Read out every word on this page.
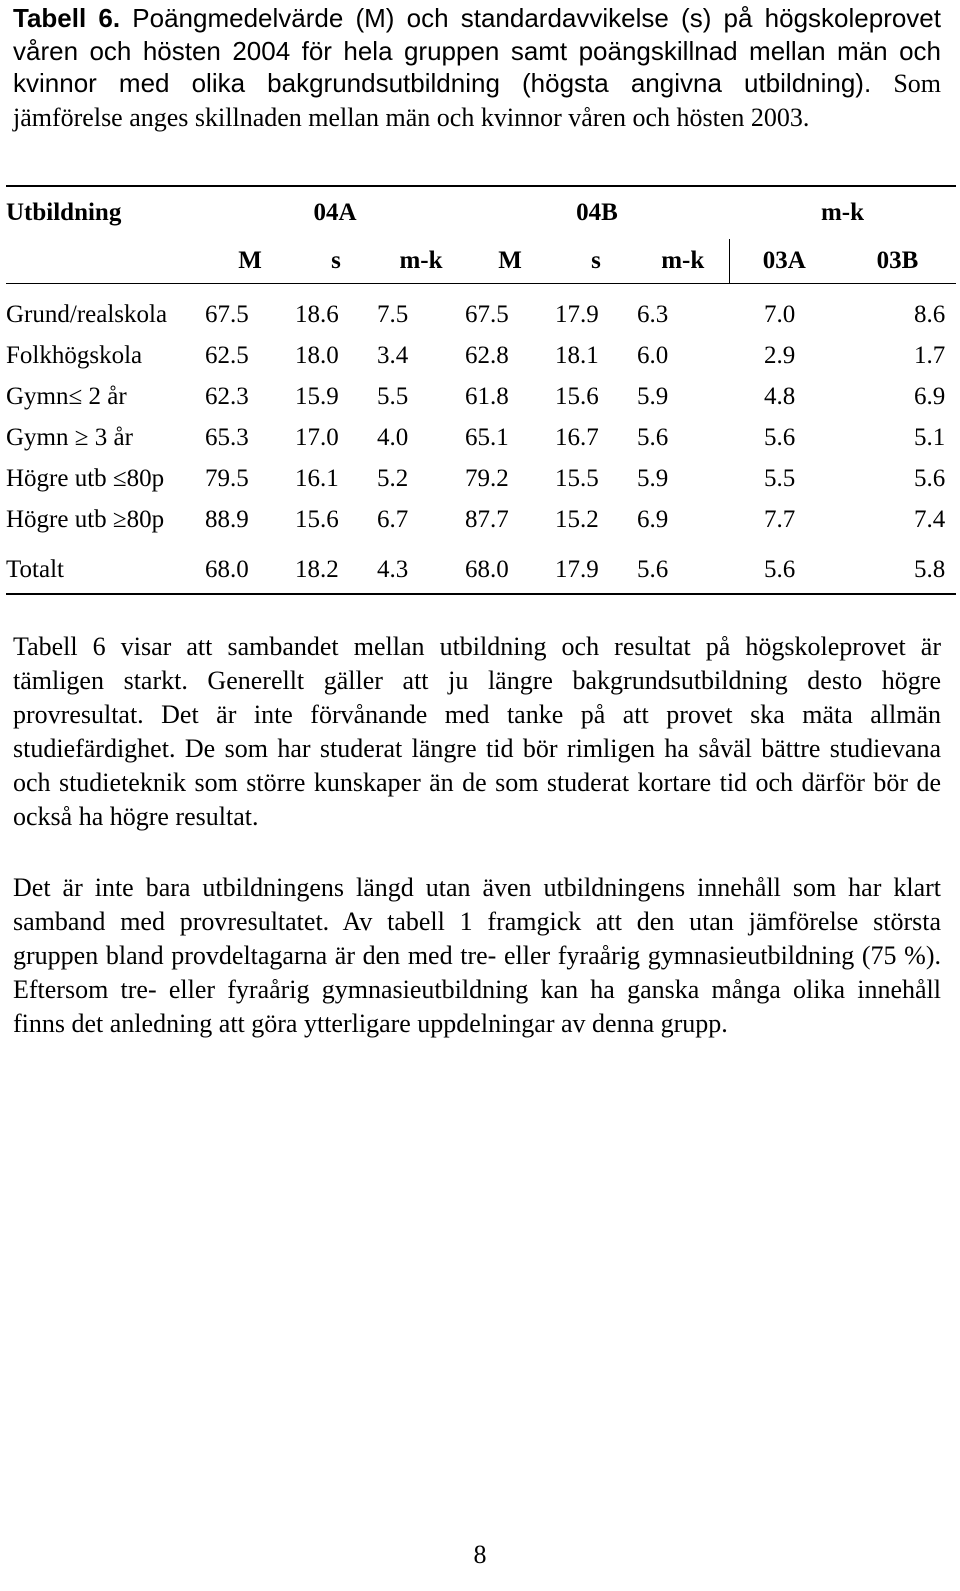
Tabell 6. Poängmedelvärde (M) och standardavvikelse (s) på högskoleprovet våren och hösten 2004 för hela gruppen samt poängskillnad mellan män och kvinnor med olika bakgrundsutbildning (högsta angivna utbildning). Som jämförelse anges skillnaden mellan män och kvinnor våren och hösten 2003.
Utbildning	04A			04B			m-k	
	M	s	m-k	M	s	m-k	03A	03B
Grund/realskola	67.5	18.6	7.5	67.5	17.9	6.3	7.0	8.6
Folkhögskola	62.5	18.0	3.4	62.8	18.1	6.0	2.9	1.7
Gymn≤ 2 år	62.3	15.9	5.5	61.8	15.6	5.9	4.8	6.9
Gymn ≥ 3 år	65.3	17.0	4.0	65.1	16.7	5.6	5.6	5.1
Högre utb ≤80p	79.5	16.1	5.2	79.2	15.5	5.9	5.5	5.6
Högre utb ≥80p	88.9	15.6	6.7	87.7	15.2	6.9	7.7	7.4
Totalt	68.0	18.2	4.3	68.0	17.9	5.6	5.6	5.8
Tabell 6 visar att sambandet mellan utbildning och resultat på högskoleprovet är tämligen starkt. Generellt gäller att ju längre bakgrundsutbildning desto högre provresultat. Det är inte förvånande med tanke på att provet ska mäta allmän studiefärdighet. De som har studerat längre tid bör rimligen ha såväl bättre studievana och studieteknik som större kunskaper än de som studerat kortare tid och därför bör de också ha högre resultat.
Det är inte bara utbildningens längd utan även utbildningens innehåll som har klart samband med provresultatet. Av tabell 1 framgick att den utan jämförelse största gruppen bland provdeltagarna är den med tre- eller fyraårig gymnasieutbildning (75 %). Eftersom tre- eller fyraårig gymnasieutbildning kan ha ganska många olika innehåll finns det anledning att göra ytterligare uppdelningar av denna grupp.
8
